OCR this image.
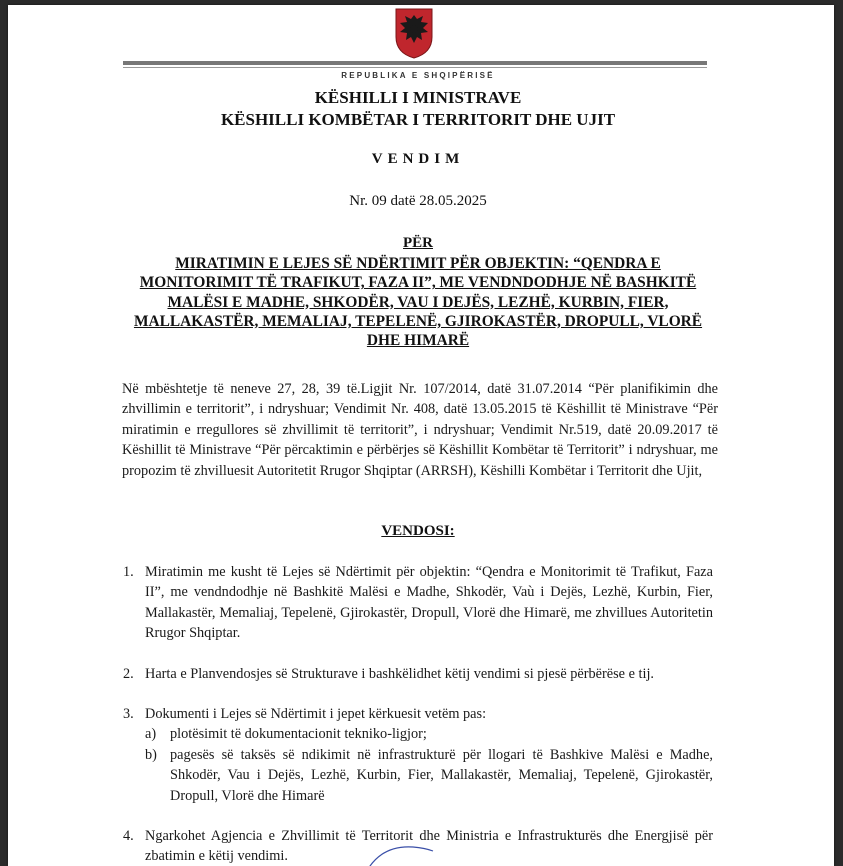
REPUBLIKA E SHQIPËRISË
KËSHILLI I MINISTRAVE
KËSHILLI KOMBËTAR I TERRITORIT DHE UJIT
VENDIM
Nr. 09 datë 28.05.2025
PËR
MIRATIMIN E LEJES SË NDËRTIMIT PËR OBJEKTIN: “QENDRA E MONITORIMIT TË TRAFIKUT, FAZA II”, ME VENDNDODHJE NË BASHKITË MALËSI E MADHE, SHKODËR, VAU I DEJËS, LEZHË, KURBIN, FIER, MALLAKASTËR, MEMALIAJ, TEPELENË, GJIROKASTËR, DROPULL, VLORË DHE HIMARË
Në mbështetje të neneve 27, 28, 39 të.Ligjit Nr. 107/2014, datë 31.07.2014 “Për planifikimin dhe zhvillimin e territorit”, i ndryshuar; Vendimit Nr. 408, datë 13.05.2015 të Këshillit të Ministrave “Për miratimin e rregullores së zhvillimit të territorit”, i ndryshuar; Vendimit Nr.519, datë 20.09.2017 të Këshillit të Ministrave “Për përcaktimin e përbërjes së Këshillit Kombëtar të Territorit” i ndryshuar, me propozim të zhvilluesit Autoritetit Rrugor Shqiptar (ARRSH), Këshilli Kombëtar i Territorit dhe Ujit,
VENDOSI:
1. Miratimin me kusht të Lejes së Ndërtimit për objektin: “Qendra e Monitorimit të Trafikut, Faza II”, me vendndodhje në Bashkitë Malësi e Madhe, Shkodër, Vaù i Dejës, Lezhë, Kurbin, Fier, Mallakastër, Memaliaj, Tepelenë, Gjirokastër, Dropull, Vlorë dhe Himarë, me zhvillues Autoritetin Rrugor Shqiptar.
2. Harta e Planvendosjes së Strukturave i bashkëlidhet këtij vendimi si pjesë përbërëse e tij.
3. Dokumenti i Lejes së Ndërtimit i jepet kërkuesit vetëm pas:
a) plotësimit të dokumentacionit tekniko-ligjor;
b) pagesës së taksës së ndikimit në infrastrukturë për llogari të Bashkive Malësi e Madhe, Shkodër, Vau i Dejës, Lezhë, Kurbin, Fier, Mallakastër, Memaliaj, Tepelenë, Gjirokastër, Dropull, Vlorë dhe Himarë
4. Ngarkohet Agjencia e Zhvillimit të Territorit dhe Ministria e Infrastrukturës dhe Energjisë për zbatimin e këtij vendimi.
